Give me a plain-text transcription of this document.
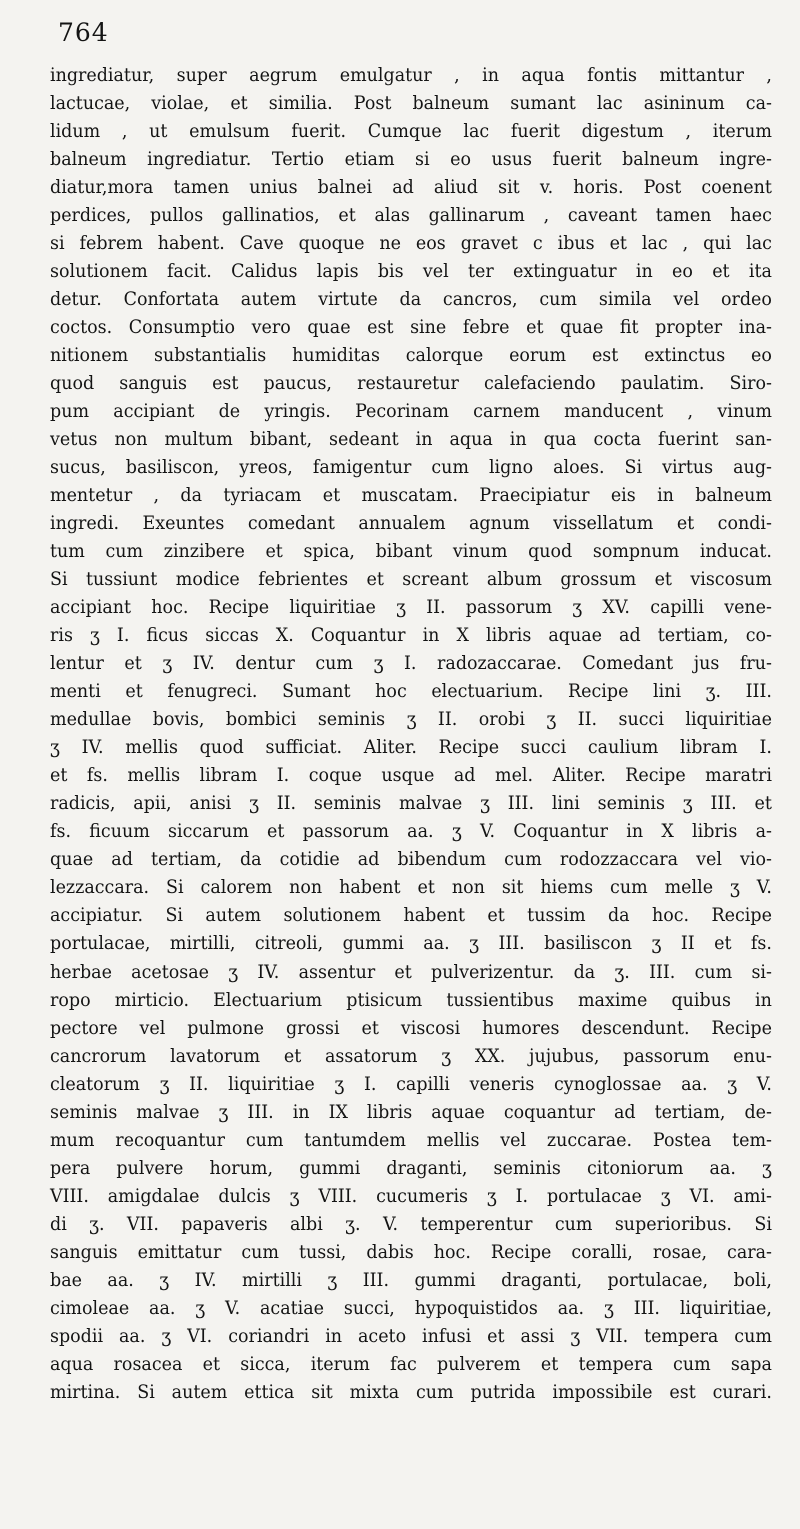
764
ingrediatur, super aegrum emulgatur , in aqua fontis mittantur ,
lactucae, violae, et similia. Post balneum sumant lac asininum ca-
lidum , ut emulsum fuerit. Cumque lac fuerit digestum , iterum
balneum ingrediatur. Tertio etiam si eo usus fuerit balneum ingre-
diatur,mora tamen unius balnei ad aliud sit v. horis. Post coenent
perdices, pullos gallinatios, et alas gallinarum , caveant tamen haec
si febrem habent. Cave quoque ne eos gravet c ibus et lac , qui lac
solutionem facit. Calidus lapis bis vel ter extinguatur in eo et ita
detur. Confortata autem virtute da cancros, cum simila vel ordeo
coctos. Consumptio vero quae est sine febre et quae fit propter ina-
nitionem substantialis humiditas calorque eorum est extinctus eo
quod sanguis est paucus, restauretur calefaciendo paulatim. Siro-
pum accipiant de yringis. Pecorinam carnem manducent , vinum
vetus non multum bibant, sedeant in aqua in qua cocta fuerint san-
sucus, basiliscon, yreos, famigentur cum ligno aloes. Si virtus aug-
mentetur , da tyriacam et muscatam. Praecipiatur eis in balneum
ingredi. Exeuntes comedant annualem agnum vissellatum et condi-
tum cum zinzibere et spica, bibant vinum quod sompnum inducat.
Si tussiunt modice febrientes et screant album grossum et viscosum
accipiant hoc. Recipe liquiritiae ʒ II. passorum ʒ XV. capilli vene-
ris ʒ I. ficus siccas X. Coquantur in X libris aquae ad tertiam, co-
lentur et ʒ IV. dentur cum ʒ I. radozaccarae. Comedant jus fru-
menti et fenugreci. Sumant hoc electuarium. Recipe lini ʒ. III.
medullae bovis, bombici seminis ʒ II. orobi ʒ II. succi liquiritiae
ʒ IV. mellis quod sufficiat. Aliter. Recipe succi caulium libram I.
et fs. mellis libram I. coque usque ad mel. Aliter. Recipe maratri
radicis, apii, anisi ʒ II. seminis malvae ʒ III. lini seminis ʒ III. et
fs. ficuum siccarum et passorum aa. ʒ V. Coquantur in X libris a-
quae ad tertiam, da cotidie ad bibendum cum rodozzaccara vel vio-
lezzaccara. Si calorem non habent et non sit hiems cum melle ʒ V.
accipiatur. Si autem solutionem habent et tussim da hoc. Recipe
portulacae, mirtilli, citreoli, gummi aa. ʒ III. basiliscon ʒ II et fs.
herbae acetosae ʒ IV. assentur et pulverizentur. da ʒ. III. cum si-
ropo mirticio. Electuarium ptisicum tussientibus maxime quibus in
pectore vel pulmone grossi et viscosi humores descendunt. Recipe
cancrorum lavatorum et assatorum ʒ XX. jujubus, passorum enu-
cleatorum ʒ II. liquiritiae ʒ I. capilli veneris cynoglossae aa. ʒ V.
seminis malvae ʒ III. in IX libris aquae coquantur ad tertiam, de-
mum recoquantur cum tantumdem mellis vel zuccarae. Postea tem-
pera pulvere horum, gummi draganti, seminis citoniorum aa. ʒ
VIII. amigdalae dulcis ʒ VIII. cucumeris ʒ I. portulacae ʒ VI. ami-
di ʒ. VII. papaveris albi ʒ. V. temperentur cum superioribus. Si
sanguis emittatur cum tussi, dabis hoc. Recipe coralli, rosae, cara-
bae aa. ʒ IV. mirtilli ʒ III. gummi draganti, portulacae, boli,
cimoleae aa. ʒ V. acatiae succi, hypoquistidos aa. ʒ III. liquiritiae,
spodii aa. ʒ VI. coriandri in aceto infusi et assi ʒ VII. tempera cum
aqua rosacea et sicca, iterum fac pulverem et tempera cum sapa
mirtina. Si autem ettica sit mixta cum putrida impossibile est curari.
